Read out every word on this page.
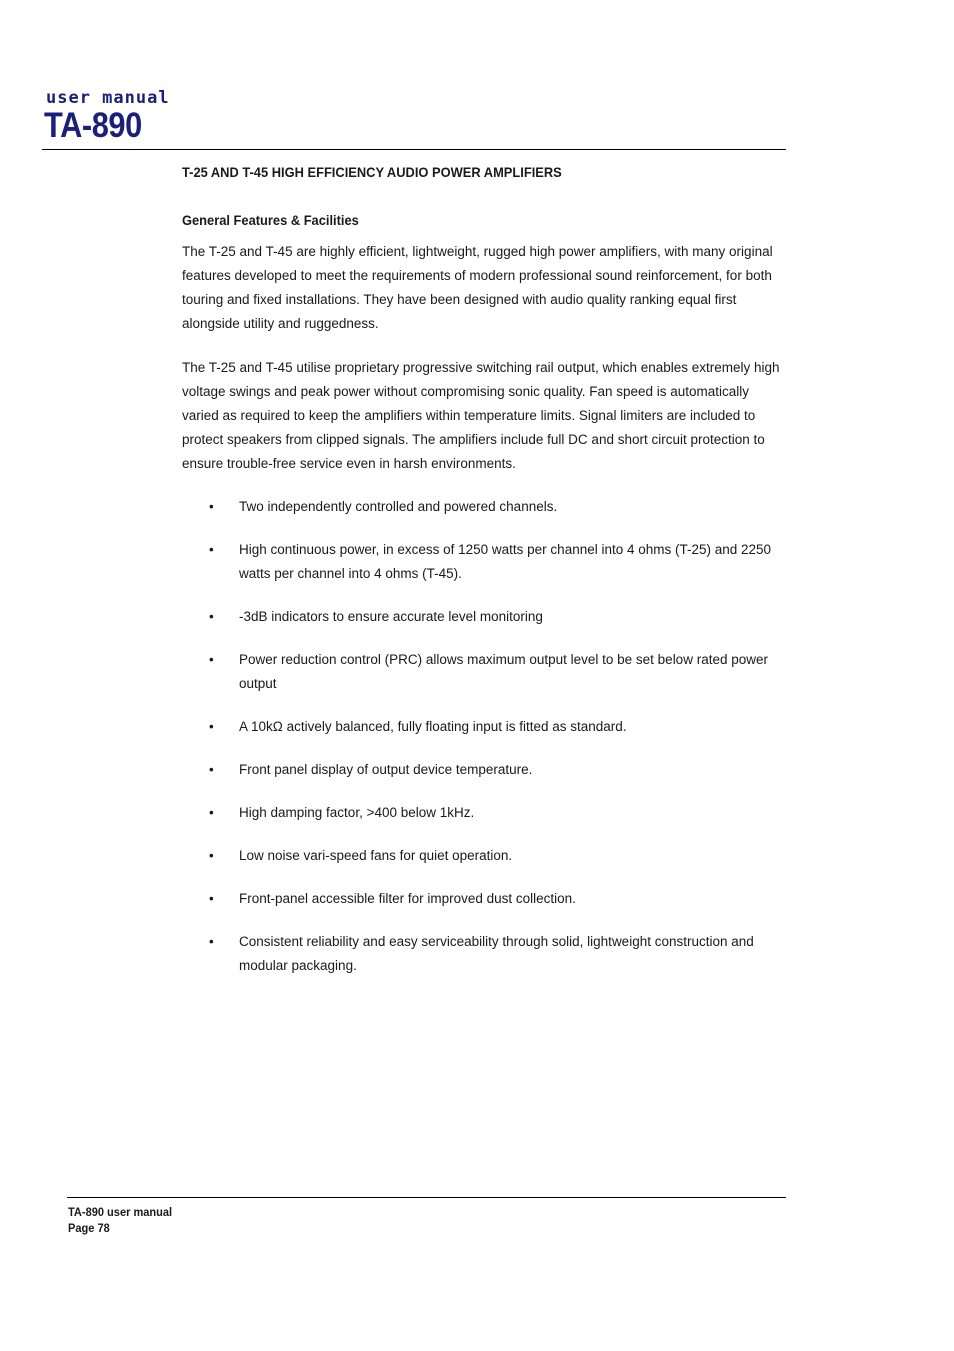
user manual
TA-890
T-25 AND T-45 HIGH EFFICIENCY AUDIO POWER AMPLIFIERS
General Features & Facilities

The T-25 and T-45 are highly efficient, lightweight, rugged high power amplifiers, with many original features developed to meet the requirements of modern professional sound reinforcement, for both touring and fixed installations. They have been designed with audio quality ranking equal first alongside utility and ruggedness.

The T-25 and T-45 utilise proprietary progressive switching rail output, which enables extremely high voltage swings and peak power without compromising sonic quality. Fan speed is automatically varied as required to keep the amplifiers within temperature limits. Signal limiters are included to protect speakers from clipped signals. The amplifiers include full DC and short circuit protection to ensure trouble-free service even in harsh environments.

• Two independently controlled and powered channels.
• High continuous power, in excess of 1250 watts per channel into 4 ohms (T-25) and 2250 watts per channel into 4 ohms (T-45).
• -3dB indicators to ensure accurate level monitoring
• Power reduction control (PRC) allows maximum output level to be set below rated power output
• A 10kΩ actively balanced, fully floating input is fitted as standard.
• Front panel display of output device temperature.
• High damping factor, >400 below 1kHz.
• Low noise vari-speed fans for quiet operation.
• Front-panel accessible filter for improved dust collection.
• Consistent reliability and easy serviceability through solid, lightweight construction and modular packaging.
TA-890 user manual
Page 78
